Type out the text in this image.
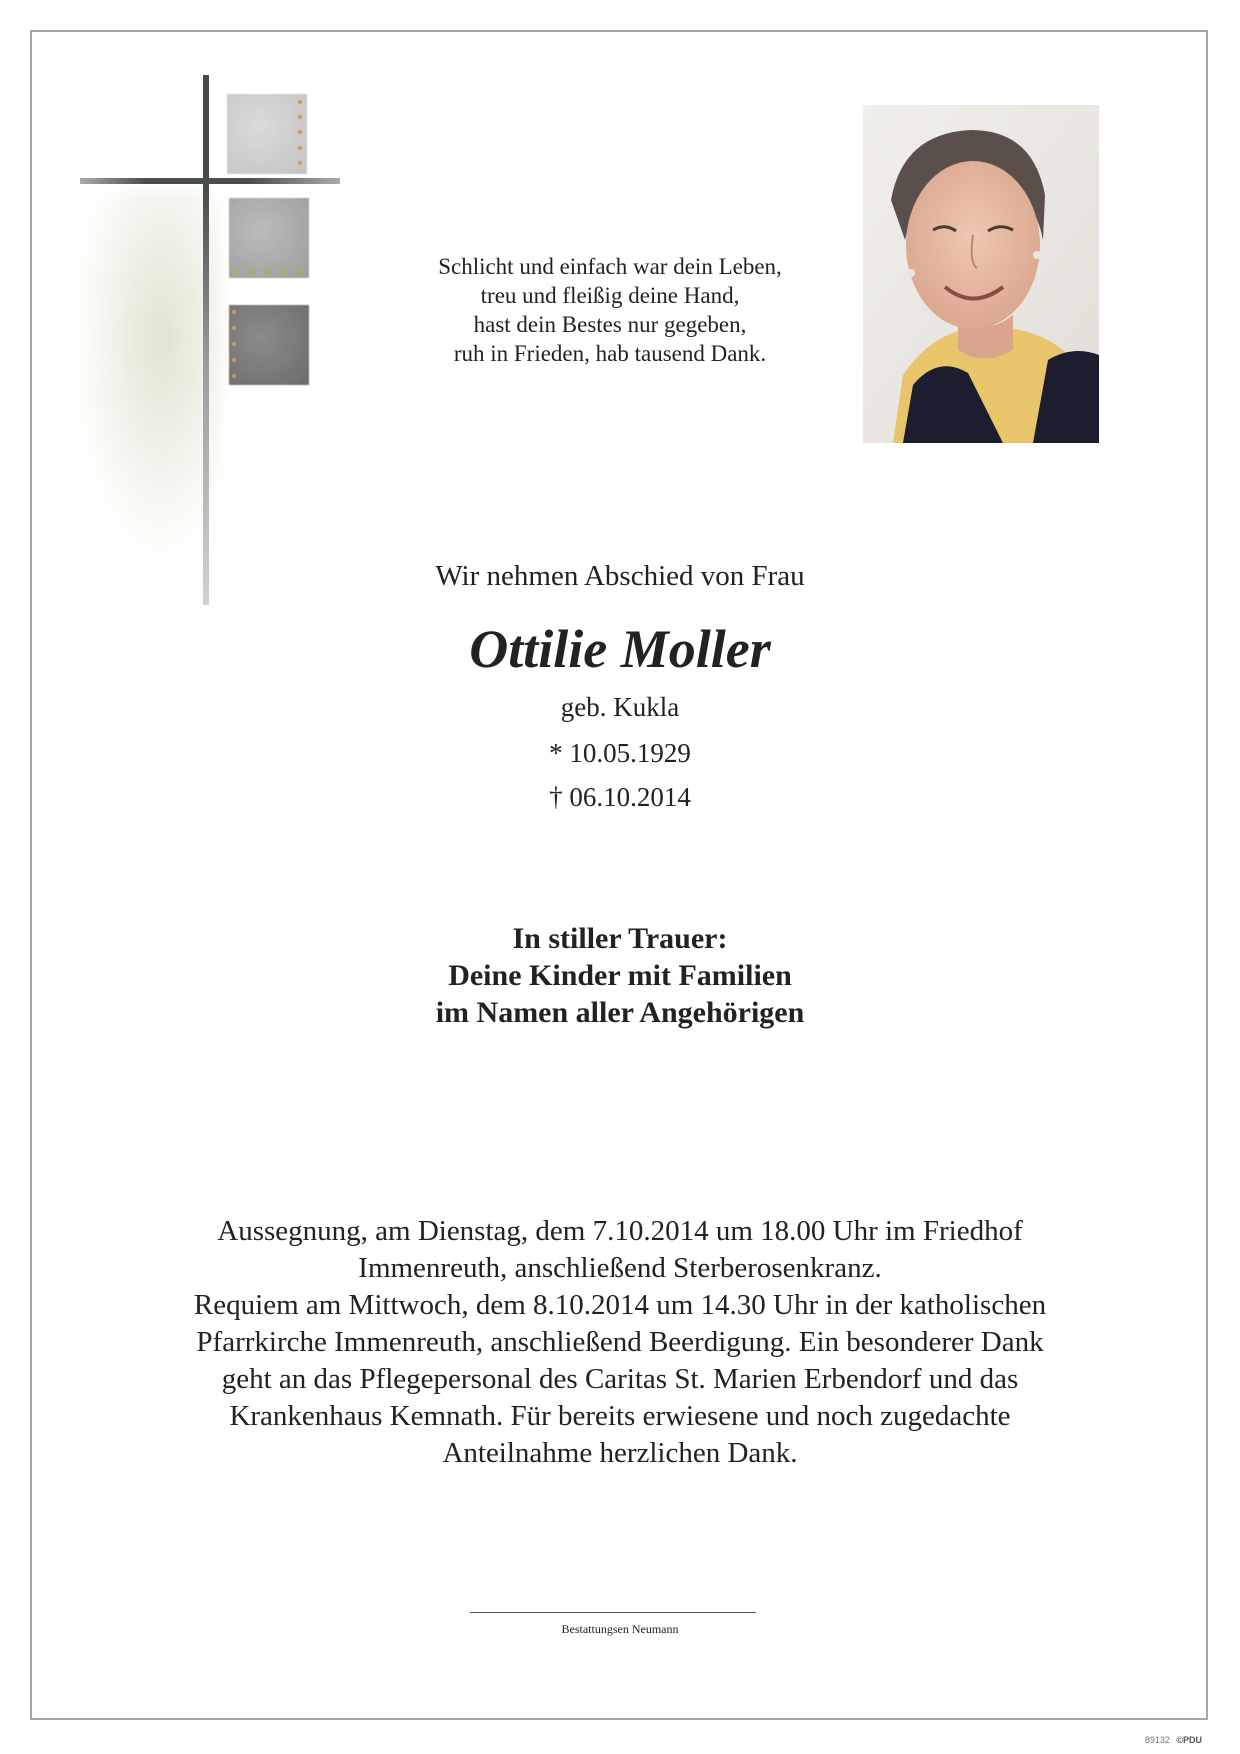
Schlicht und einfach war dein Leben,
treu und fleißig deine Hand,
hast dein Bestes nur gegeben,
ruh in Frieden, hab tausend Dank.
Wir nehmen Abschied von Frau
Ottilie Moller
geb. Kukla
* 10.05.1929
† 06.10.2014
In stiller Trauer:
Deine Kinder mit Familien
im Namen aller Angehörigen
Aussegnung, am Dienstag, dem 7.10.2014 um 18.00 Uhr im Friedhof
Immenreuth, anschließend Sterberosenkranz.
Requiem am Mittwoch, dem 8.10.2014 um 14.30 Uhr in der katholischen
Pfarrkirche Immenreuth, anschließend Beerdigung. Ein besonderer Dank
geht an das Pflegepersonal des Caritas St. Marien Erbendorf und das
Krankenhaus Kemnath. Für bereits erwiesene und noch zugedachte
Anteilnahme herzlichen Dank.
Bestattungsen Neumann
89132 ©PDU
